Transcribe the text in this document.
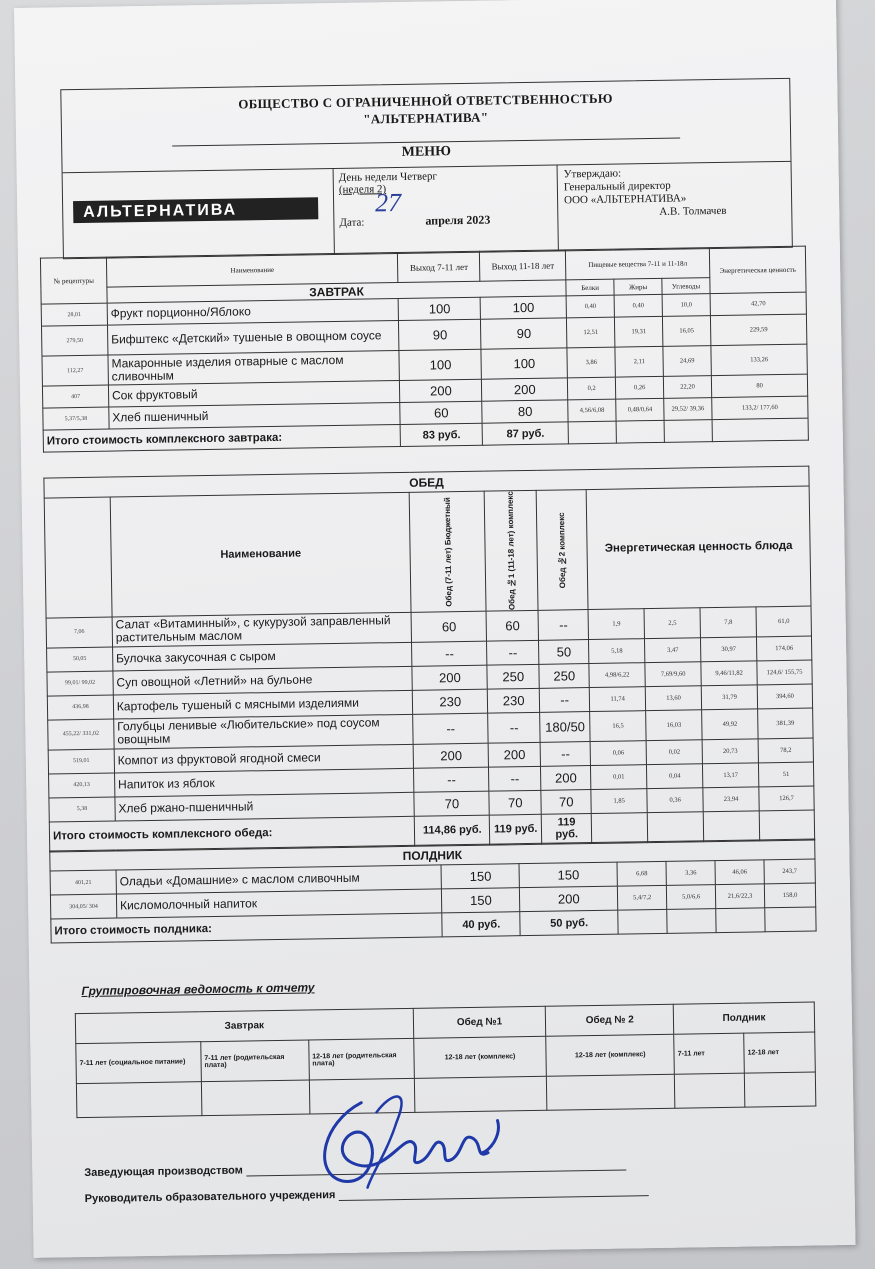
ОБЩЕСТВО С ОГРАНИЧЕННОЙ ОТВЕТСТВЕННОСТЬЮ
"АЛЬТЕРНАТИВА"
МЕНЮ
АЛЬТЕРНАТИВА
День недели Четверг
(неделя 2)
Дата:
27
апреля 2023
Утверждаю:
Генеральный директор
ООО «АЛЬТЕРНАТИВА»
А.В. Толмачев
№ рецептуры	Наименование	Выход 7-11 лет	Выход 11-18 лет	Пищевые вещества 7-11 и 11-18л			Энергетическая ценность
	ЗАВТРАК			Белки	Жиры	Углеводы	
28,01	Фрукт порционно/Яблоко	100	100	0,40	0,40	10,0	42,70
279,50	Бифштекс «Детский» тушеные в овощном соусе	90	90	12,51	19,31	16,05	229,59
112,27	Макаронные изделия отварные с маслом сливочным	100	100	3,86	2,11	24,69	133,26
407	Сок фруктовый	200	200	0,2	0,26	22,20	80
5,37/5,38	Хлеб пшеничный	60	80	4,56/6,08	0,48/0,64	29,52/ 39,36	133,2/ 177,60
Итого стоимость комплексного завтрака:		83 руб.	87 руб.				
ОБЕД								
	Наименование	Обед (7-11 лет) Бюджетный	Обед №1 (11-18 лет) комплекс	Обед №2 комплекс	Энергетическая ценность блюда			
7,06	Салат «Витаминный», с кукурузой заправленный растительным маслом	60	60	--	1,9	2,5	7,8	61,0
50,05	Булочка закусочная с сыром	--	--	50	5,18	3,47	30,97	174,06
99,01/ 99,02	Суп овощной «Летний» на бульоне	200	250	250	4,98/6,22	7,69/9,60	9,46/11,82	124,6/ 155,75
436,98	Картофель тушеный с мясными изделиями	230	230	--	11,74	13,60	31,79	394,60
455,22/ 331,02	Голубцы ленивые «Любительские» под соусом овощным	--	--	180/50	16,5	16,03	49,92	381,39
519,01	Компот из фруктовой ягодной смеси	200	200	--	0,06	0,02	20,73	78,2
420,13	Напиток из яблок	--	--	200	0,01	0,04	13,17	51
5,38	Хлеб ржано-пшеничный	70	70	70	1,85	0,36	23,94	126,7
Итого стоимость комплексного обеда:		114,86 руб.	119 руб.	119 руб.				
ПОЛДНИК							
401,21	Оладьи «Домашние» с маслом сливочным	150	150	6,68	3,36	46,06	243,7
304,05/ 304	Кисломолочный напиток	150	200	5,4/7,2	5,0/6,6	21,6/22,3	158,0
Итого стоимость полдника:		40 руб.	50 руб.				
Группировочная ведомость к отчету
Завтрак			Обед №1	Обед № 2	Полдник	
7-11 лет (социальное питание)	7-11 лет (родительская плата)	12-18 лет (родительская плата)	12-18 лет (комплекс)	12-18 лет (комплекс)	7-11 лет	12-18 лет

Заведующая производством
Руководитель образовательного учреждения
